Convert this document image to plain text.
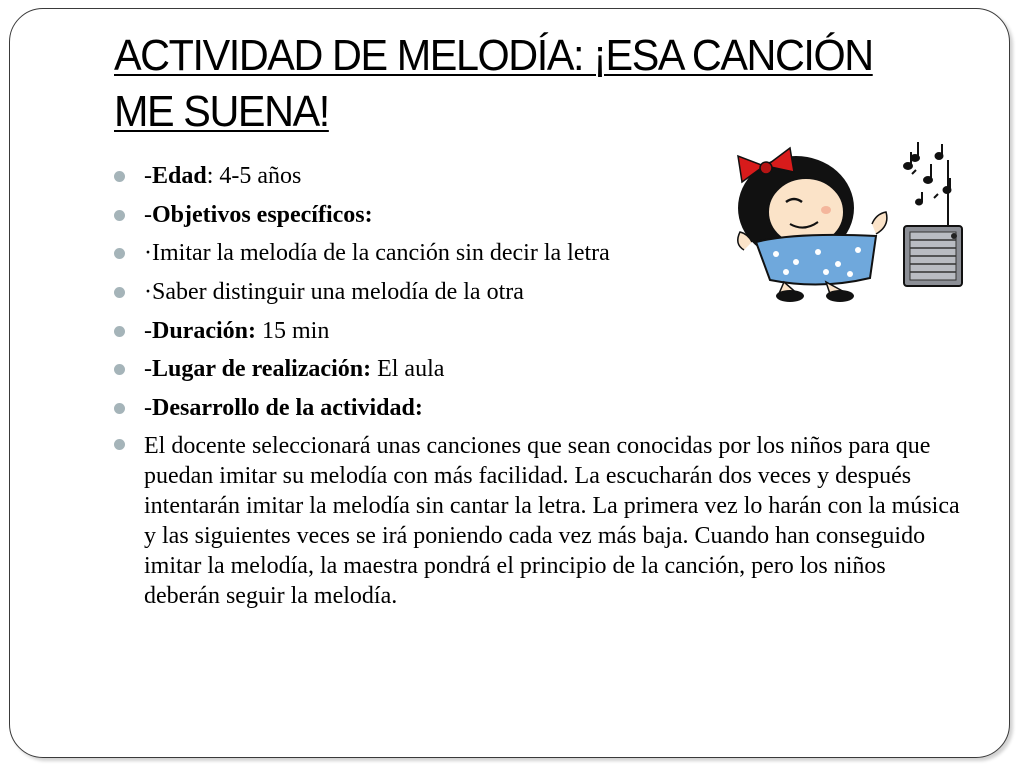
ACTIVIDAD DE MELODÍA: ¡ESA CANCIÓN ME SUENA!
-Edad: 4-5 años
-Objetivos específicos:
·Imitar la melodía de la canción sin decir la letra
·Saber distinguir una melodía de la otra
-Duración: 15 min
-Lugar de realización: El aula
-Desarrollo de la actividad:
El docente seleccionará unas canciones que sean conocidas por los niños para que puedan imitar su melodía con más facilidad. La escucharán dos veces y después intentarán imitar la melodía sin cantar la letra. La primera vez lo harán con la música y las siguientes veces se irá poniendo cada vez más baja. Cuando han conseguido imitar la melodía, la maestra pondrá el principio de la canción, pero los niños deberán seguir la melodía.
